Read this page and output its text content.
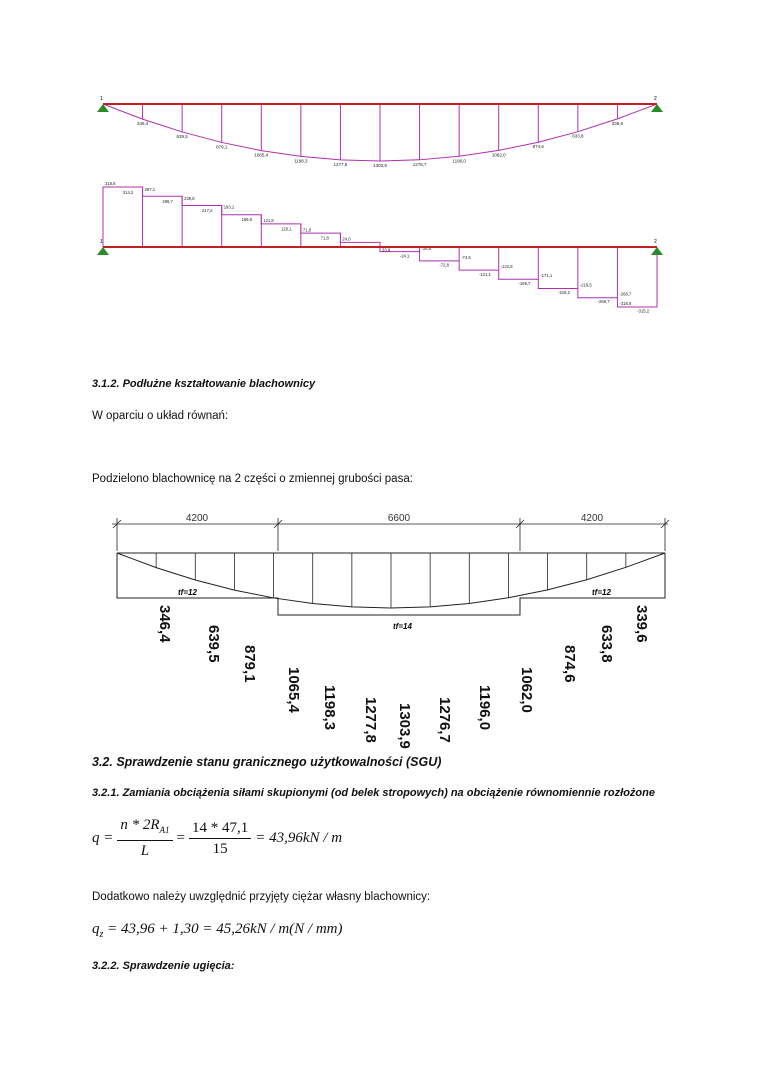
346,4
639,5
879,1
1065,4
1198,3
1277,8	1303,9	1276,7
1196,0
1062,0
874,6
633,8
339,6
1	2
318,6
314,2
287,1
265,7
239,8
217,2
193,1
169,8	121,8
120,1	71,8
71,8	24,0
33,8
-24,1
-25,5
-72,8
-74,6
-121,1
-122,8
-169,7
-171,1
-218,2
-219,5
-266,7
-268,7
-315,2
-318,8
1	2
3.1.2. Podłużne kształtowanie blachownicy
W oparciu o układ równań:
Podzielono blachownicę na 2 części o zmiennej grubości pasa:
4200	6600	4200
tf=12
tf=14
tf=12
346,4
639,5
879,1
1065,4 1198,3 1277,8 1303,9 1276,7 1196,0 1062,0
874,6
633,8
339,6
3.2. Sprawdzenie stanu granicznego użytkowalności (SGU)
3.2.1. Zamiania obciążenia siłami skupionymi (od belek stropowych) na obciążenie równomiennie rozłożone
$q = \frac{n * 2R_{A1}}{L} = \frac{14 * 47,1}{15} = 43,96kN / m$
Dodatkowo należy uwzględnić przyjęty ciężar własny blachownicy:
$q_z = 43,96 + 1,30 = 45,26kN / m(N / mm)$
3.2.2. Sprawdzenie ugięcia:
